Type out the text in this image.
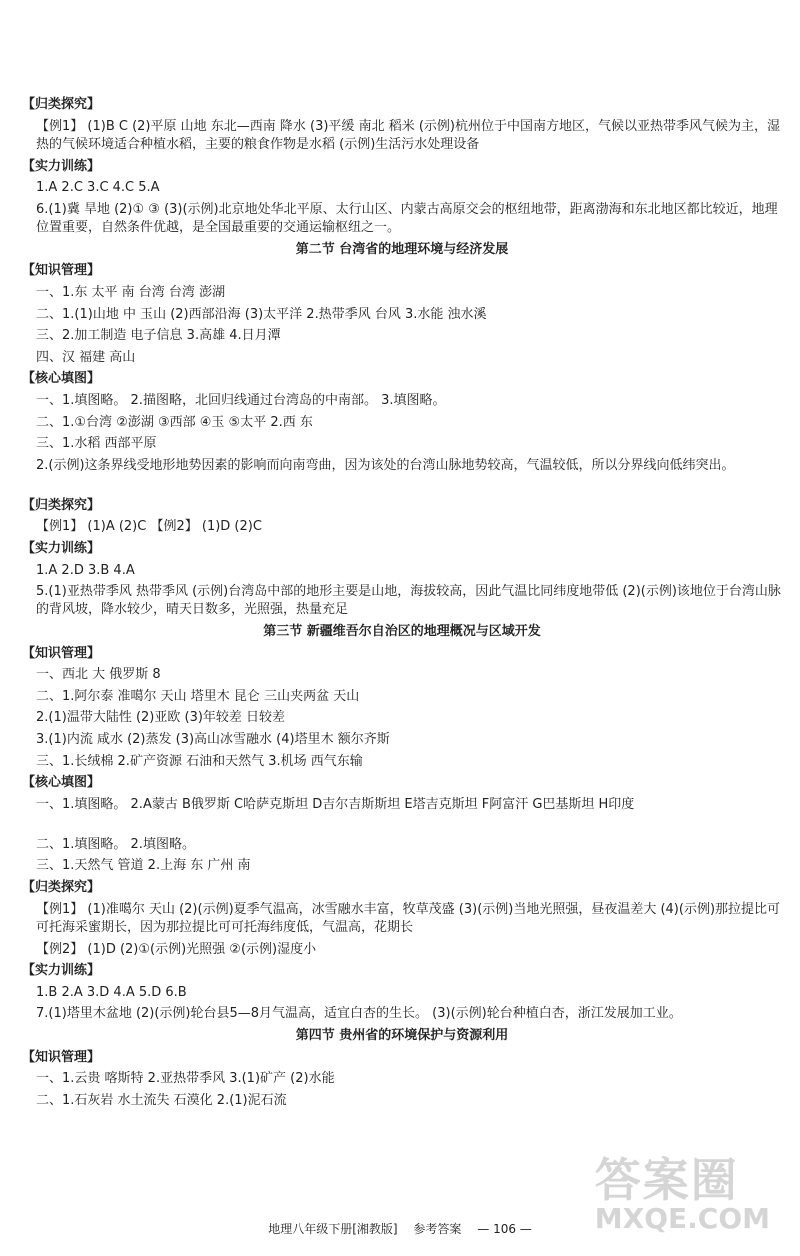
【归类探究】
【例1】 (1)B C (2)平原 山地 东北—西南 降水 (3)平缓 南北 稻米 (示例)杭州位于中国南方地区，气候以亚热带季风气候为主，湿热的气候环境适合种植水稻，主要的粮食作物是水稻 (示例)生活污水处理设备
【实力训练】
1.A 2.C 3.C 4.C 5.A
6.(1)冀 旱地 (2)① ③ (3)(示例)北京地处华北平原、太行山区、内蒙古高原交会的枢纽地带，距离渤海和东北地区都比较近，地理位置重要，自然条件优越，是全国最重要的交通运输枢纽之一。
第二节 台湾省的地理环境与经济发展
【知识管理】
一、1.东 太平 南 台湾 台湾 澎湖
二、1.(1)山地 中 玉山 (2)西部沿海 (3)太平洋 2.热带季风 台风 3.水能 浊水溪
三、2.加工制造 电子信息 3.高雄 4.日月潭
四、汉 福建 高山
【核心填图】
一、1.填图略。 2.描图略，北回归线通过台湾岛的中南部。 3.填图略。
二、1.①台湾 ②澎湖 ③西部 ④玉 ⑤太平 2.西 东
三、1.水稻 西部平原
2.(示例)这条界线受地形地势因素的影响而向南弯曲，因为该处的台湾山脉地势较高，气温较低，所以分界线向低纬突出。
【归类探究】
【例1】 (1)A (2)C 【例2】 (1)D (2)C
【实力训练】
1.A 2.D 3.B 4.A
5.(1)亚热带季风 热带季风 (示例)台湾岛中部的地形主要是山地，海拔较高，因此气温比同纬度地带低 (2)(示例)该地位于台湾山脉的背风坡，降水较少，晴天日数多，光照强，热量充足
第三节 新疆维吾尔自治区的地理概况与区域开发
【知识管理】
一、西北 大 俄罗斯 8
二、1.阿尔泰 准噶尔 天山 塔里木 昆仑 三山夹两盆 天山
2.(1)温带大陆性 (2)亚欧 (3)年较差 日较差
3.(1)内流 咸水 (2)蒸发 (3)高山冰雪融水 (4)塔里木 额尔齐斯
三、1.长绒棉 2.矿产资源 石油和天然气 3.机场 西气东输
【核心填图】
一、1.填图略。 2.A蒙古 B俄罗斯 C哈萨克斯坦 D吉尔吉斯斯坦 E塔吉克斯坦 F阿富汗 G巴基斯坦 H印度
二、1.填图略。 2.填图略。
三、1.天然气 管道 2.上海 东 广州 南
【归类探究】
【例1】 (1)准噶尔 天山 (2)(示例)夏季气温高，冰雪融水丰富，牧草茂盛 (3)(示例)当地光照强，昼夜温差大 (4)(示例)那拉提比可可托海采蜜期长，因为那拉提比可可托海纬度低，气温高，花期长
【例2】 (1)D (2)①(示例)光照强 ②(示例)湿度小
【实力训练】
1.B 2.A 3.D 4.A 5.D 6.B
7.(1)塔里木盆地 (2)(示例)轮台县5—8月气温高，适宜白杏的生长。 (3)(示例)轮台种植白杏，浙江发展加工业。
第四节 贵州省的环境保护与资源利用
【知识管理】
一、1.云贵 喀斯特 2.亚热带季风 3.(1)矿产 (2)水能
二、1.石灰岩 水土流失 石漠化 2.(1)泥石流
地理八年级下册[湘教版] 参考答案 — 106 —
答案圈
MXQE.COM
